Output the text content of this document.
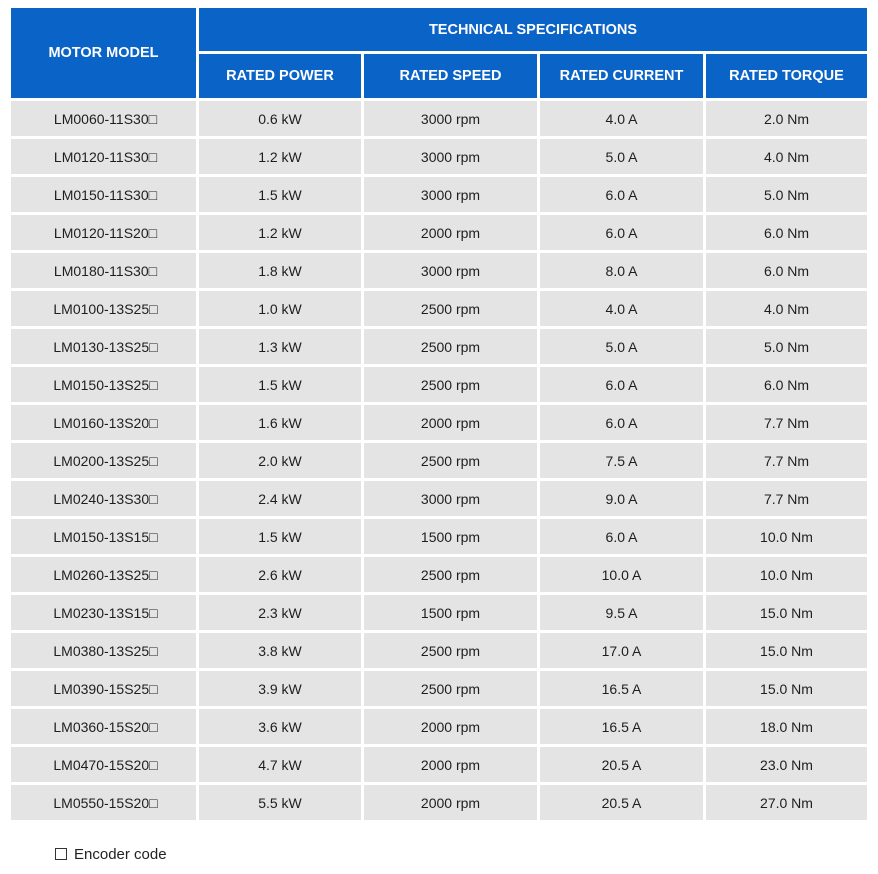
MOTOR MODEL	TECHNICAL SPECIFICATIONS			
	RATED POWER	RATED SPEED	RATED CURRENT	RATED TORQUE
LM0060-11S30□	0.6 kW	3000 rpm	4.0 A	2.0 Nm
LM0120-11S30□	1.2 kW	3000 rpm	5.0 A	4.0 Nm
LM0150-11S30□	1.5 kW	3000 rpm	6.0 A	5.0 Nm
LM0120-11S20□	1.2 kW	2000 rpm	6.0 A	6.0 Nm
LM0180-11S30□	1.8 kW	3000 rpm	8.0 A	6.0 Nm
LM0100-13S25□	1.0 kW	2500 rpm	4.0 A	4.0 Nm
LM0130-13S25□	1.3 kW	2500 rpm	5.0 A	5.0 Nm
LM0150-13S25□	1.5 kW	2500 rpm	6.0 A	6.0 Nm
LM0160-13S20□	1.6 kW	2000 rpm	6.0 A	7.7 Nm
LM0200-13S25□	2.0 kW	2500 rpm	7.5 A	7.7 Nm
LM0240-13S30□	2.4 kW	3000 rpm	9.0 A	7.7 Nm
LM0150-13S15□	1.5 kW	1500 rpm	6.0 A	10.0 Nm
LM0260-13S25□	2.6 kW	2500 rpm	10.0 A	10.0 Nm
LM0230-13S15□	2.3 kW	1500 rpm	9.5 A	15.0 Nm
LM0380-13S25□	3.8 kW	2500 rpm	17.0 A	15.0 Nm
LM0390-15S25□	3.9 kW	2500 rpm	16.5 A	15.0 Nm
LM0360-15S20□	3.6 kW	2000 rpm	16.5 A	18.0 Nm
LM0470-15S20□	4.7 kW	2000 rpm	20.5 A	23.0 Nm
LM0550-15S20□	5.5 kW	2000 rpm	20.5 A	27.0 Nm
Encoder code
